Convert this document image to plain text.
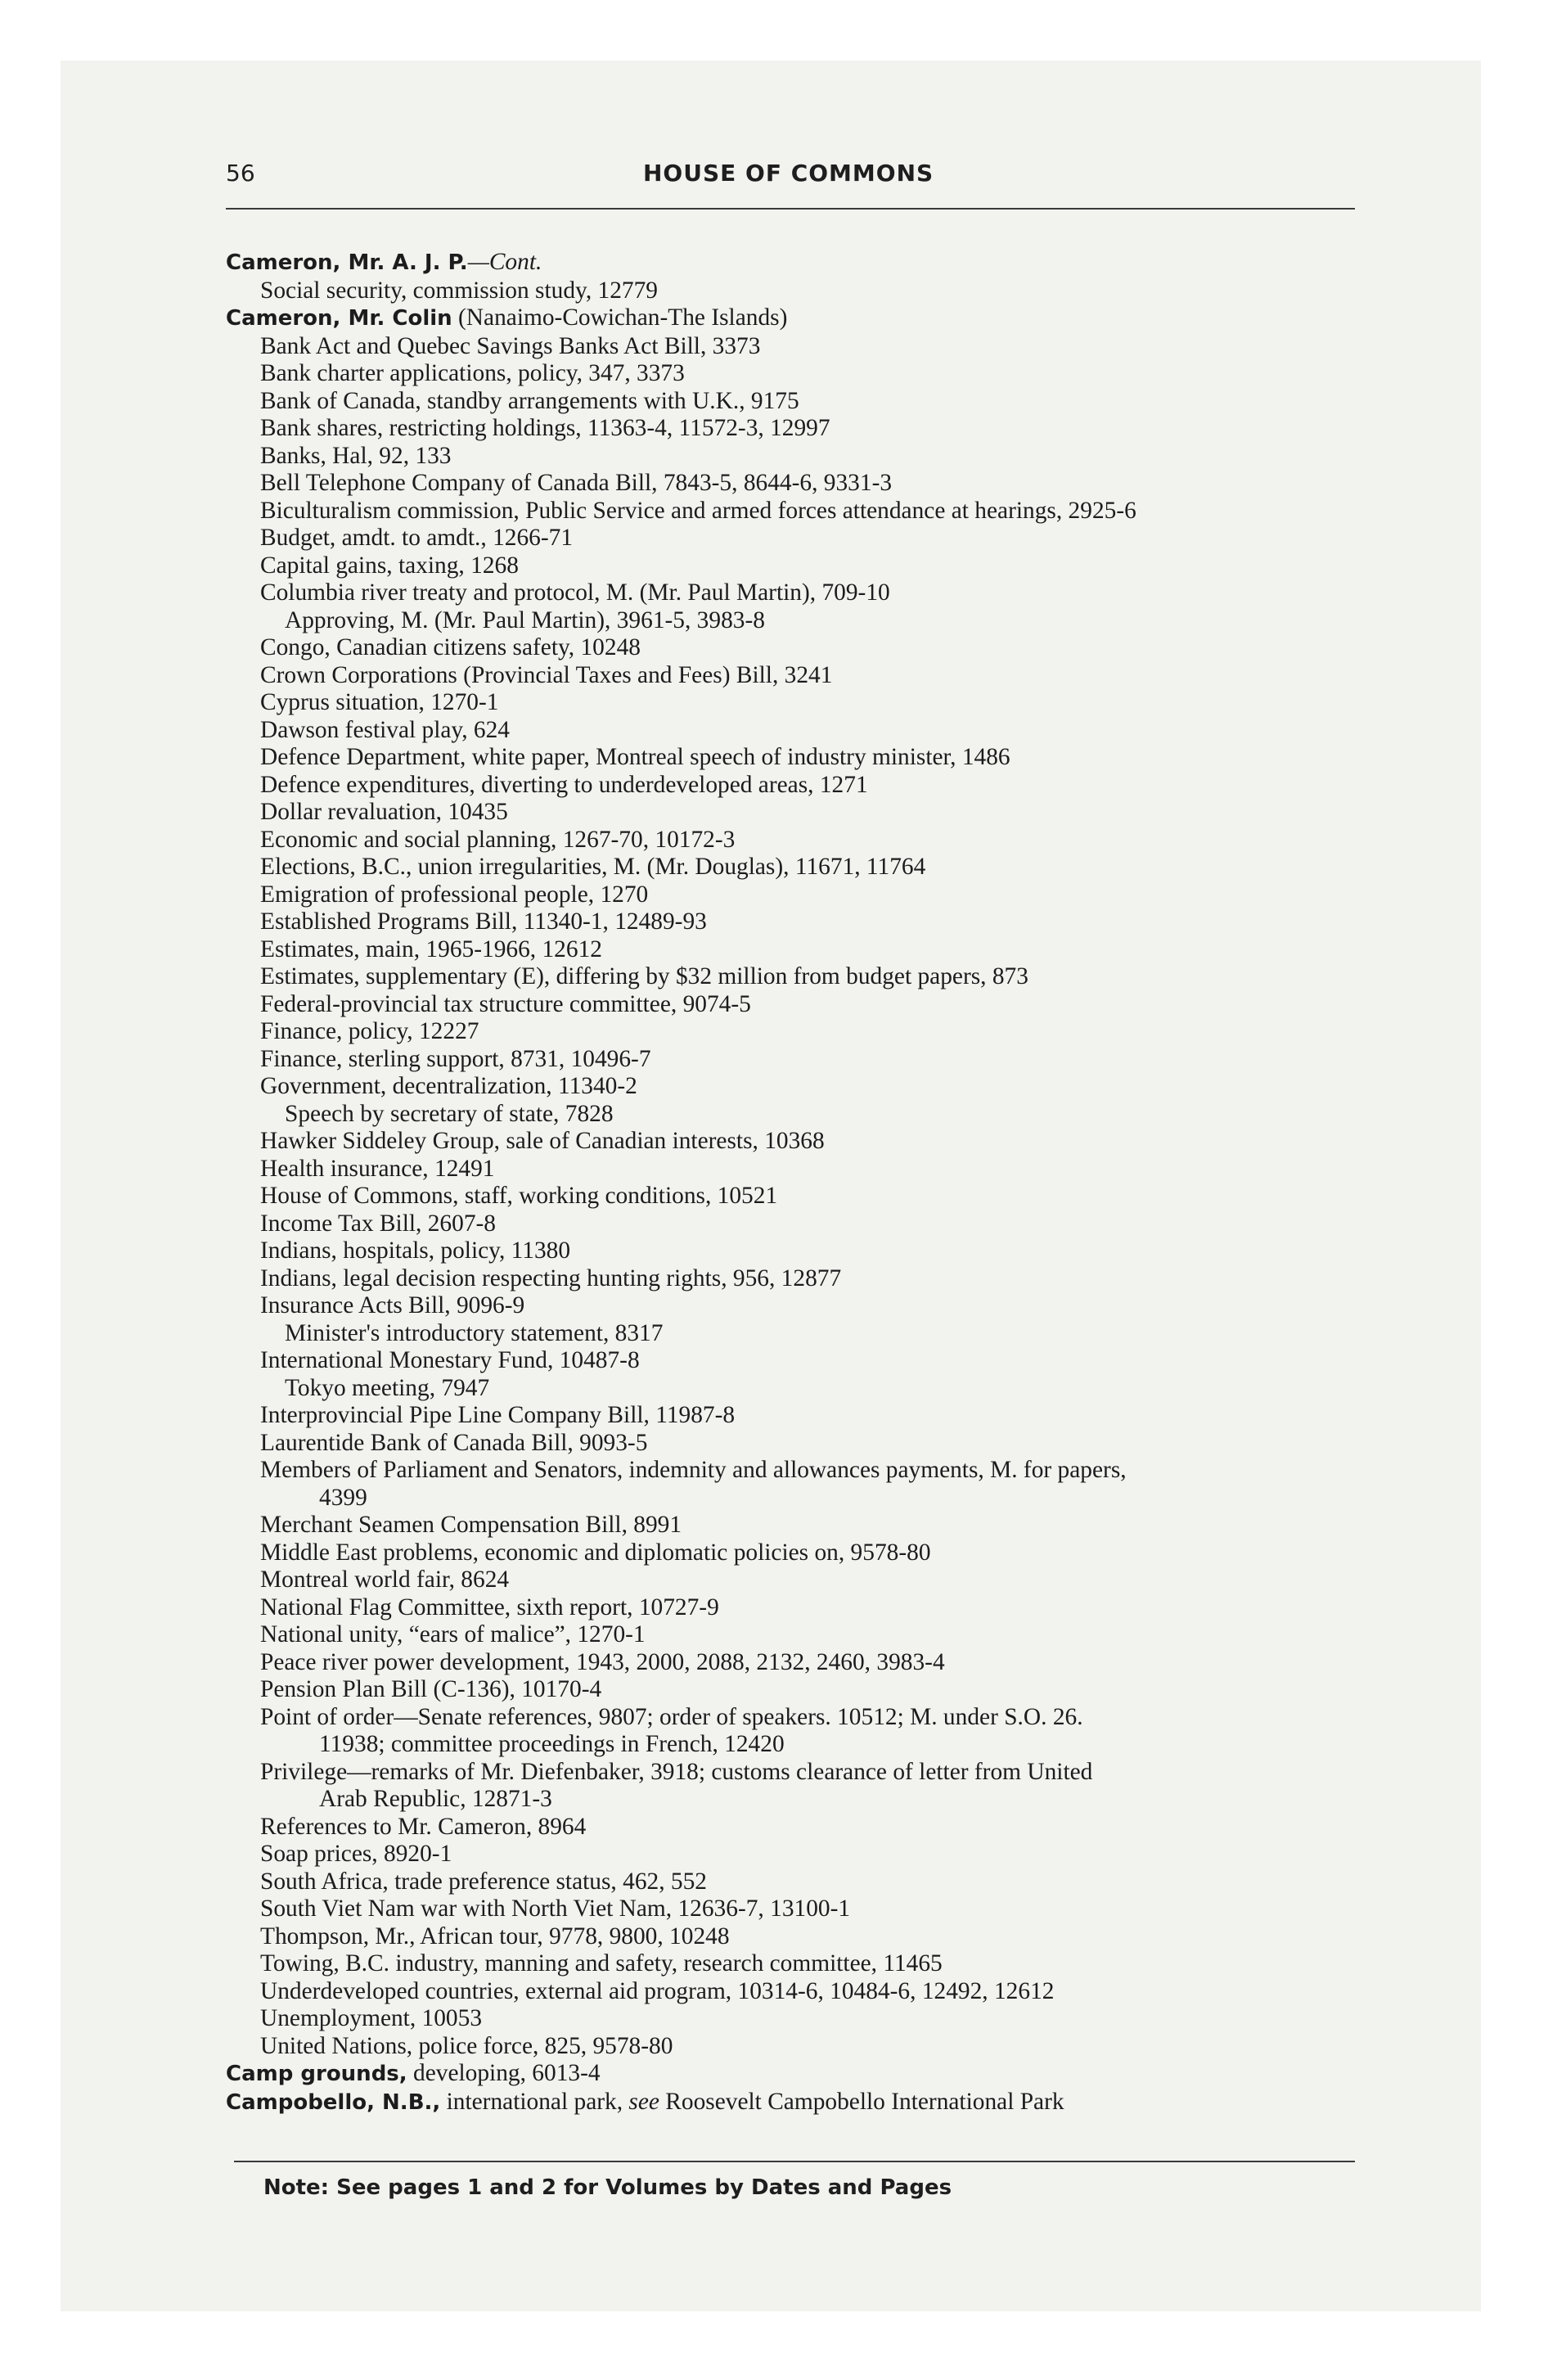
56	HOUSE OF COMMONS
Cameron, Mr. A. J. P.—Cont.
Social security, commission study, 12779
Cameron, Mr. Colin (Nanaimo-Cowichan-The Islands)
Bank Act and Quebec Savings Banks Act Bill, 3373
Bank charter applications, policy, 347, 3373
Bank of Canada, standby arrangements with U.K., 9175
Bank shares, restricting holdings, 11363-4, 11572-3, 12997
Banks, Hal, 92, 133
Bell Telephone Company of Canada Bill, 7843-5, 8644-6, 9331-3
Biculturalism commission, Public Service and armed forces attendance at hearings, 2925-6
Budget, amdt. to amdt., 1266-71
Capital gains, taxing, 1268
Columbia river treaty and protocol, M. (Mr. Paul Martin), 709-10
Approving, M. (Mr. Paul Martin), 3961-5, 3983-8
Congo, Canadian citizens safety, 10248
Crown Corporations (Provincial Taxes and Fees) Bill, 3241
Cyprus situation, 1270-1
Dawson festival play, 624
Defence Department, white paper, Montreal speech of industry minister, 1486
Defence expenditures, diverting to underdeveloped areas, 1271
Dollar revaluation, 10435
Economic and social planning, 1267-70, 10172-3
Elections, B.C., union irregularities, M. (Mr. Douglas), 11671, 11764
Emigration of professional people, 1270
Established Programs Bill, 11340-1, 12489-93
Estimates, main, 1965-1966, 12612
Estimates, supplementary (E), differing by $32 million from budget papers, 873
Federal-provincial tax structure committee, 9074-5
Finance, policy, 12227
Finance, sterling support, 8731, 10496-7
Government, decentralization, 11340-2
Speech by secretary of state, 7828
Hawker Siddeley Group, sale of Canadian interests, 10368
Health insurance, 12491
House of Commons, staff, working conditions, 10521
Income Tax Bill, 2607-8
Indians, hospitals, policy, 11380
Indians, legal decision respecting hunting rights, 956, 12877
Insurance Acts Bill, 9096-9
Minister's introductory statement, 8317
International Monestary Fund, 10487-8
Tokyo meeting, 7947
Interprovincial Pipe Line Company Bill, 11987-8
Laurentide Bank of Canada Bill, 9093-5
Members of Parliament and Senators, indemnity and allowances payments, M. for papers,
4399
Merchant Seamen Compensation Bill, 8991
Middle East problems, economic and diplomatic policies on, 9578-80
Montreal world fair, 8624
National Flag Committee, sixth report, 10727-9
National unity, “ears of malice”, 1270-1
Peace river power development, 1943, 2000, 2088, 2132, 2460, 3983-4
Pension Plan Bill (C-136), 10170-4
Point of order—Senate references, 9807; order of speakers. 10512; M. under S.O. 26.
11938; committee proceedings in French, 12420
Privilege—remarks of Mr. Diefenbaker, 3918; customs clearance of letter from United
Arab Republic, 12871-3
References to Mr. Cameron, 8964
Soap prices, 8920-1
South Africa, trade preference status, 462, 552
South Viet Nam war with North Viet Nam, 12636-7, 13100-1
Thompson, Mr., African tour, 9778, 9800, 10248
Towing, B.C. industry, manning and safety, research committee, 11465
Underdeveloped countries, external aid program, 10314-6, 10484-6, 12492, 12612
Unemployment, 10053
United Nations, police force, 825, 9578-80
Camp grounds, developing, 6013-4
Campobello, N.B., international park, see Roosevelt Campobello International Park
Note: See pages 1 and 2 for Volumes by Dates and Pages
